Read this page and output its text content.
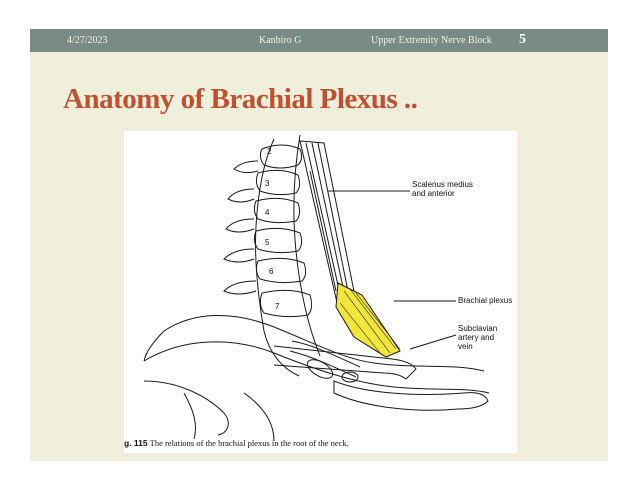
4/27/2023	Kanbiro G	Upper Extremity Nerve Block 5
Anatomy of Brachial Plexus ..
2
3
4
5
6
7
Scalenus medius
and anterior
Brachial plexus
Subclavian
artery and
vein
g. 115 The relations of the brachial plexus in the root of the neck.
